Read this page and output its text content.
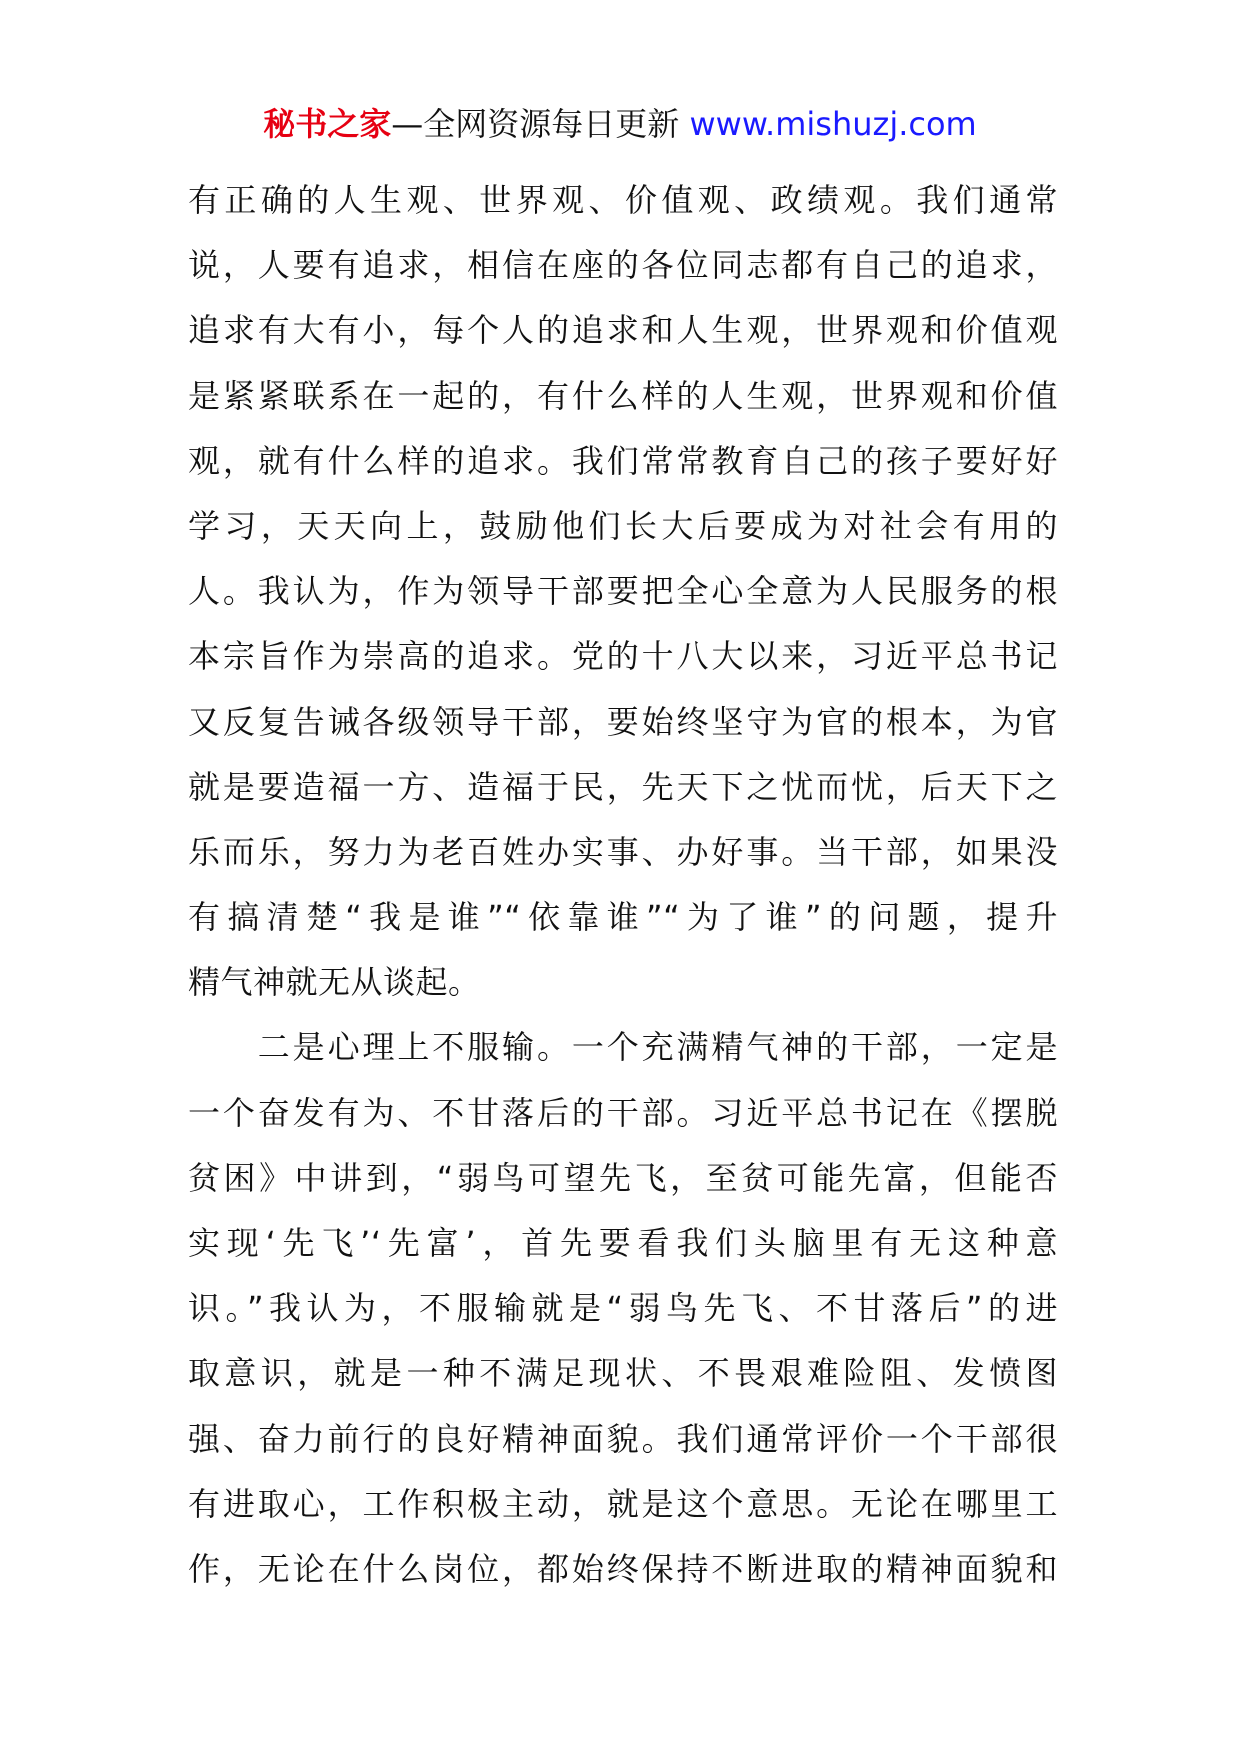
秘书之家—全网资源每日更新 www.mishuzj.com
有正确的人生观、世界观、价值观、政绩观。我们通常
说，人要有追求，相信在座的各位同志都有自己的追求，
追求有大有小，每个人的追求和人生观，世界观和价值观
是紧紧联系在一起的，有什么样的人生观，世界观和价值
观，就有什么样的追求。我们常常教育自己的孩子要好好
学习，天天向上，鼓励他们长大后要成为对社会有用的
人。我认为，作为领导干部要把全心全意为人民服务的根
本宗旨作为崇高的追求。党的十八大以来，习近平总书记
又反复告诫各级领导干部，要始终坚守为官的根本，为官
就是要造福一方、造福于民，先天下之忧而忧，后天下之
乐而乐，努力为老百姓办实事、办好事。当干部，如果没
有搞清楚“我是谁”“依靠谁”“为了谁”的问题，提升
精气神就无从谈起。
　　二是心理上不服输。一个充满精气神的干部，一定是
一个奋发有为、不甘落后的干部。习近平总书记在《摆脱
贫困》中讲到，“弱鸟可望先飞，至贫可能先富，但能否
实现‘先飞’‘先富’，首先要看我们头脑里有无这种意
识。”我认为，不服输就是“弱鸟先飞、不甘落后”的进
取意识，就是一种不满足现状、不畏艰难险阻、发愤图
强、奋力前行的良好精神面貌。我们通常评价一个干部很
有进取心，工作积极主动，就是这个意思。无论在哪里工
作，无论在什么岗位，都始终保持不断进取的精神面貌和
